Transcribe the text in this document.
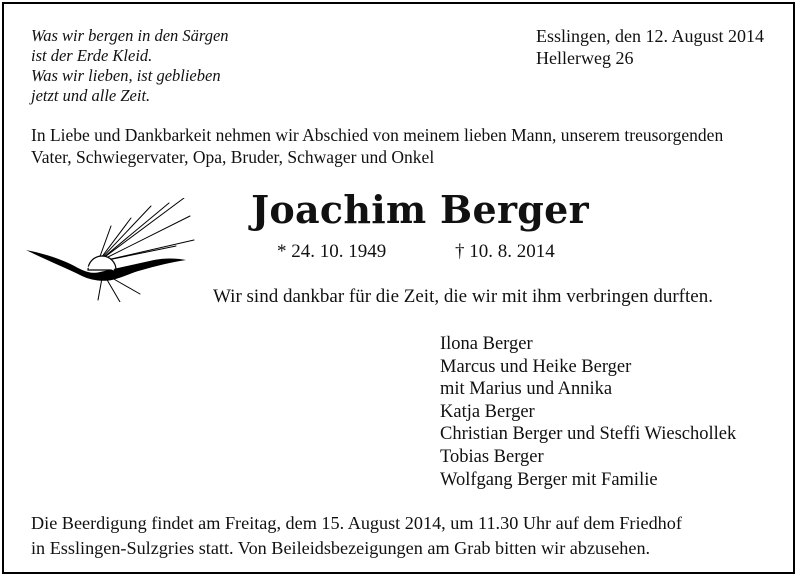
Was wir bergen in den Särgen
ist der Erde Kleid.
Was wir lieben, ist geblieben
jetzt und alle Zeit.
Esslingen, den 12. August 2014
Hellerweg 26
In Liebe und Dankbarkeit nehmen wir Abschied von meinem lieben Mann, unserem treusorgenden
Vater, Schwiegervater, Opa, Bruder, Schwager und Onkel
Joachim Berger
* 24. 10. 1949	† 10. 8. 2014
Wir sind dankbar für die Zeit, die wir mit ihm verbringen durften.
Ilona Berger
Marcus und Heike Berger
mit Marius und Annika
Katja Berger
Christian Berger und Steffi Wieschollek
Tobias Berger
Wolfgang Berger mit Familie
Die Beerdigung findet am Freitag, dem 15. August 2014, um 11.30 Uhr auf dem Friedhof
in Esslingen-Sulzgries statt. Von Beileidsbezeigungen am Grab bitten wir abzusehen.
